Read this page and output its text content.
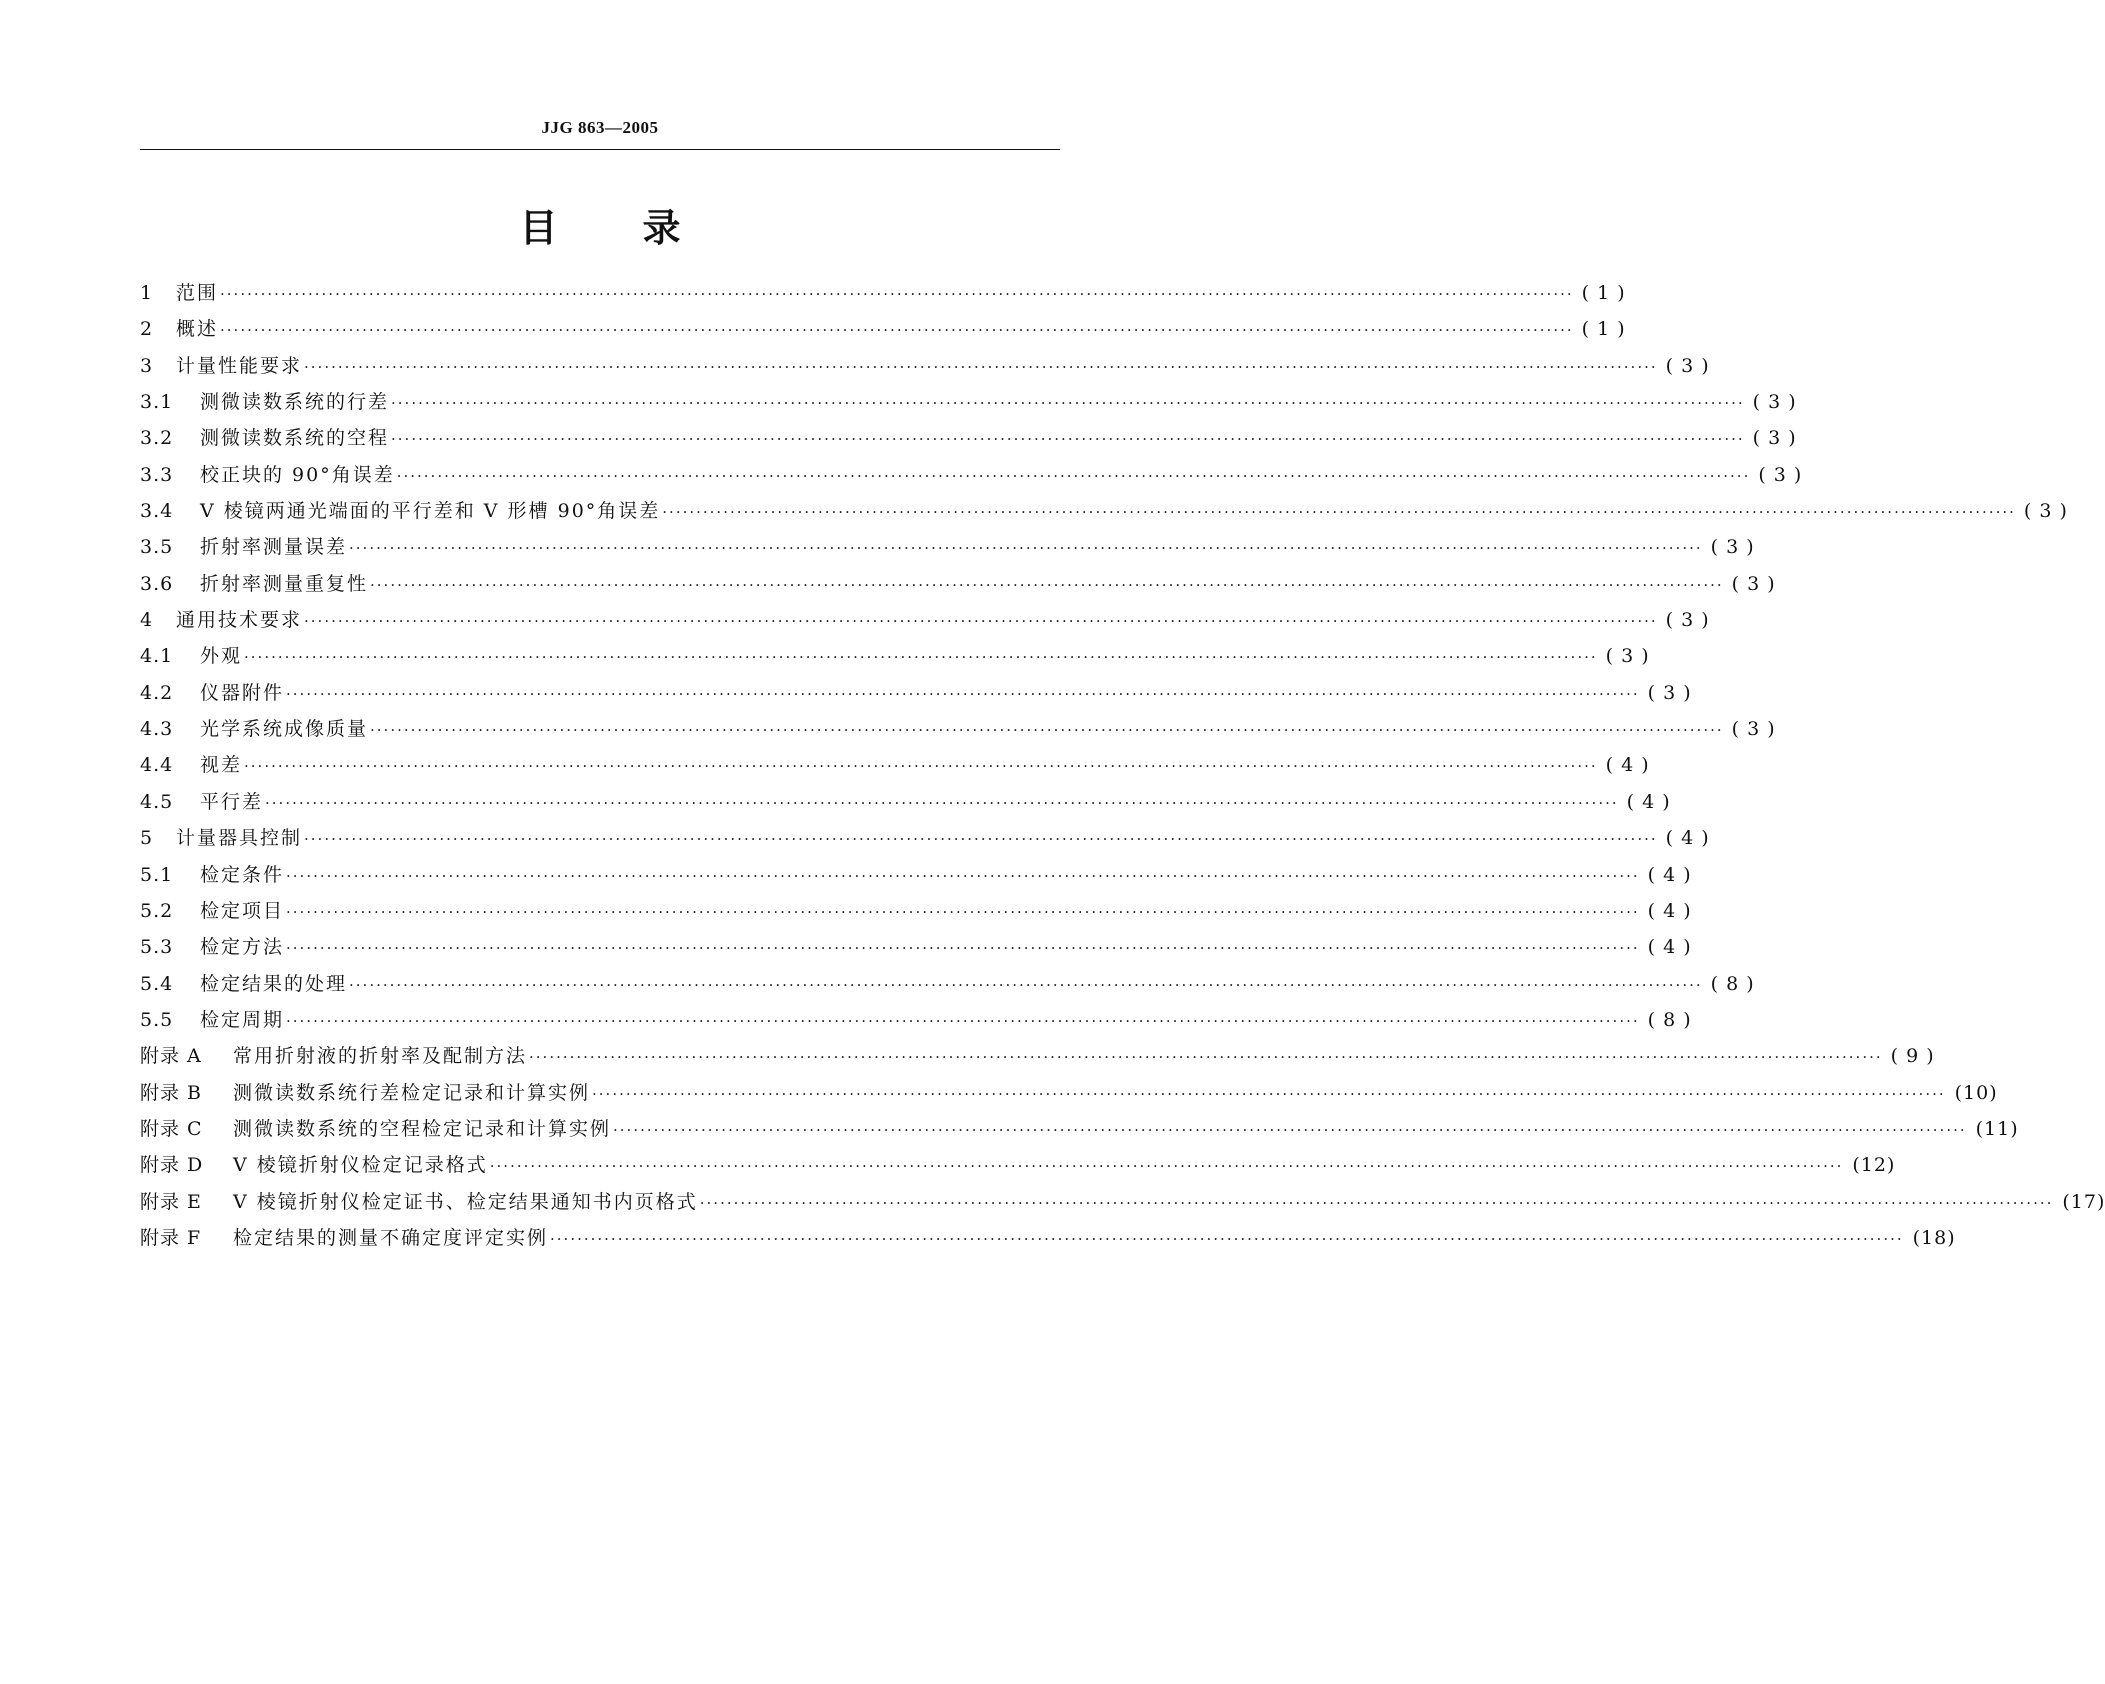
JJG 863—2005
目 录
1	范围 ········································································································································································································ ( 1 )
2	概述 ········································································································································································································ ( 1 )
3	计量性能要求 ········································································································································································································ ( 3 )
3.1	测微读数系统的行差 ········································································································································································································ ( 3 )
3.2	测微读数系统的空程 ········································································································································································································ ( 3 )
3.3	校正块的 90°角误差 ········································································································································································································ ( 3 )
3.4	V 棱镜两通光端面的平行差和 V 形槽 90°角误差 ········································································································································································································ ( 3 )
3.5	折射率测量误差 ········································································································································································································ ( 3 )
3.6	折射率测量重复性 ········································································································································································································ ( 3 )
4	通用技术要求 ········································································································································································································ ( 3 )
4.1	外观 ········································································································································································································ ( 3 )
4.2	仪器附件 ········································································································································································································ ( 3 )
4.3	光学系统成像质量 ········································································································································································································ ( 3 )
4.4	视差 ········································································································································································································ ( 4 )
4.5	平行差 ········································································································································································································ ( 4 )
5	计量器具控制 ········································································································································································································ ( 4 )
5.1	检定条件 ········································································································································································································ ( 4 )
5.2	检定项目 ········································································································································································································ ( 4 )
5.3	检定方法 ········································································································································································································ ( 4 )
5.4	检定结果的处理 ········································································································································································································ ( 8 )
5.5	检定周期 ········································································································································································································ ( 8 )
附录 A	常用折射液的折射率及配制方法 ········································································································································································································ ( 9 )
附录 B	测微读数系统行差检定记录和计算实例 ········································································································································································································ (10)
附录 C	测微读数系统的空程检定记录和计算实例 ········································································································································································································ (11)
附录 D	V 棱镜折射仪检定记录格式 ········································································································································································································ (12)
附录 E	V 棱镜折射仪检定证书、检定结果通知书内页格式 ········································································································································································································ (17)
附录 F	检定结果的测量不确定度评定实例 ········································································································································································································ (18)
